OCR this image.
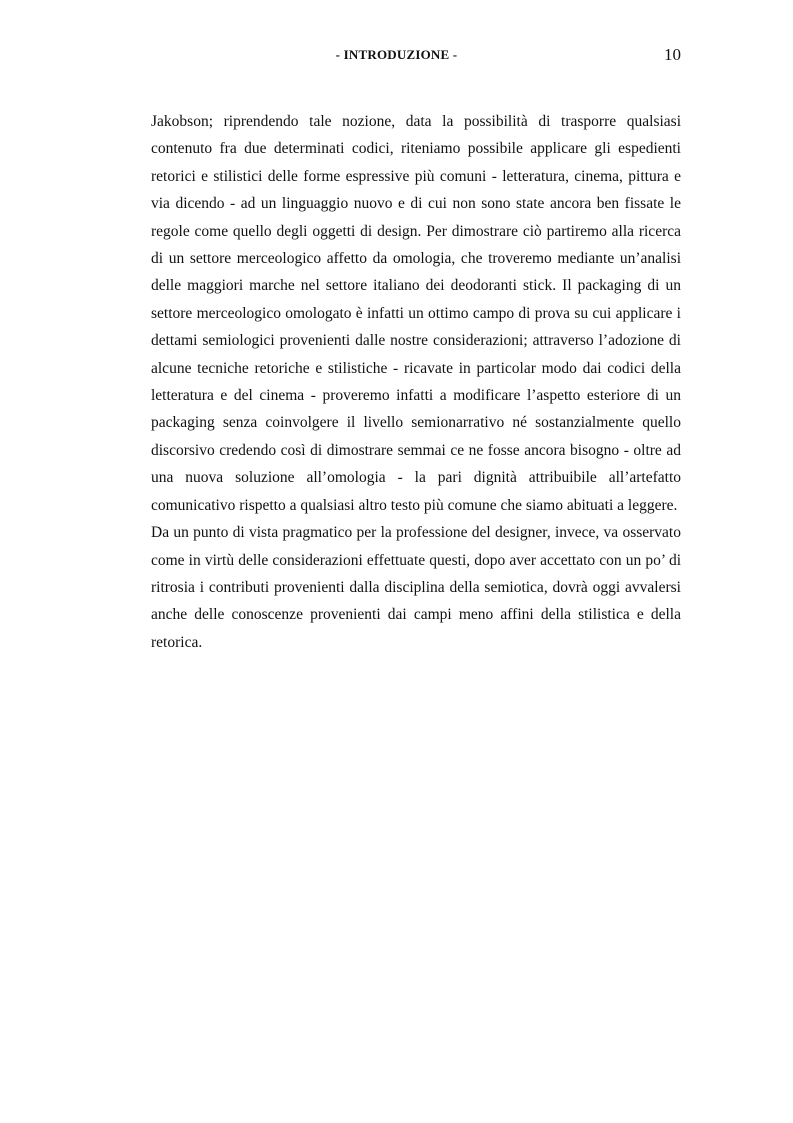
- INTRODUZIONE -	10

Jakobson; riprendendo tale nozione, data la possibilità di trasporre qualsiasi contenuto fra due determinati codici, riteniamo possibile applicare gli espedienti retorici e stilistici delle forme espressive più comuni - letteratura, cinema, pittura e via dicendo - ad un linguaggio nuovo e di cui non sono state ancora ben fissate le regole come quello degli oggetti di design. Per dimostrare ciò partiremo alla ricerca di un settore merceologico affetto da omologia, che troveremo mediante un’analisi delle maggiori marche nel settore italiano dei deodoranti stick. Il packaging di un settore merceologico omologato è infatti un ottimo campo di prova su cui applicare i dettami semiologici provenienti dalle nostre considerazioni; attraverso l’adozione di alcune tecniche retoriche e stilistiche - ricavate in particolar modo dai codici della letteratura e del cinema - proveremo infatti a modificare l’aspetto esteriore di un packaging senza coinvolgere il livello semionarrativo né sostanzialmente quello discorsivo credendo così di dimostrare semmai ce ne fosse ancora bisogno - oltre ad una nuova soluzione all’omologia - la pari dignità attribuibile all’artefatto comunicativo rispetto a qualsiasi altro testo più comune che siamo abituati a leggere.

Da un punto di vista pragmatico per la professione del designer, invece, va osservato come in virtù delle considerazioni effettuate questi, dopo aver accettato con un po’ di ritrosia i contributi provenienti dalla disciplina della semiotica, dovrà oggi avvalersi anche delle conoscenze provenienti dai campi meno affini della stilistica e della retorica.
